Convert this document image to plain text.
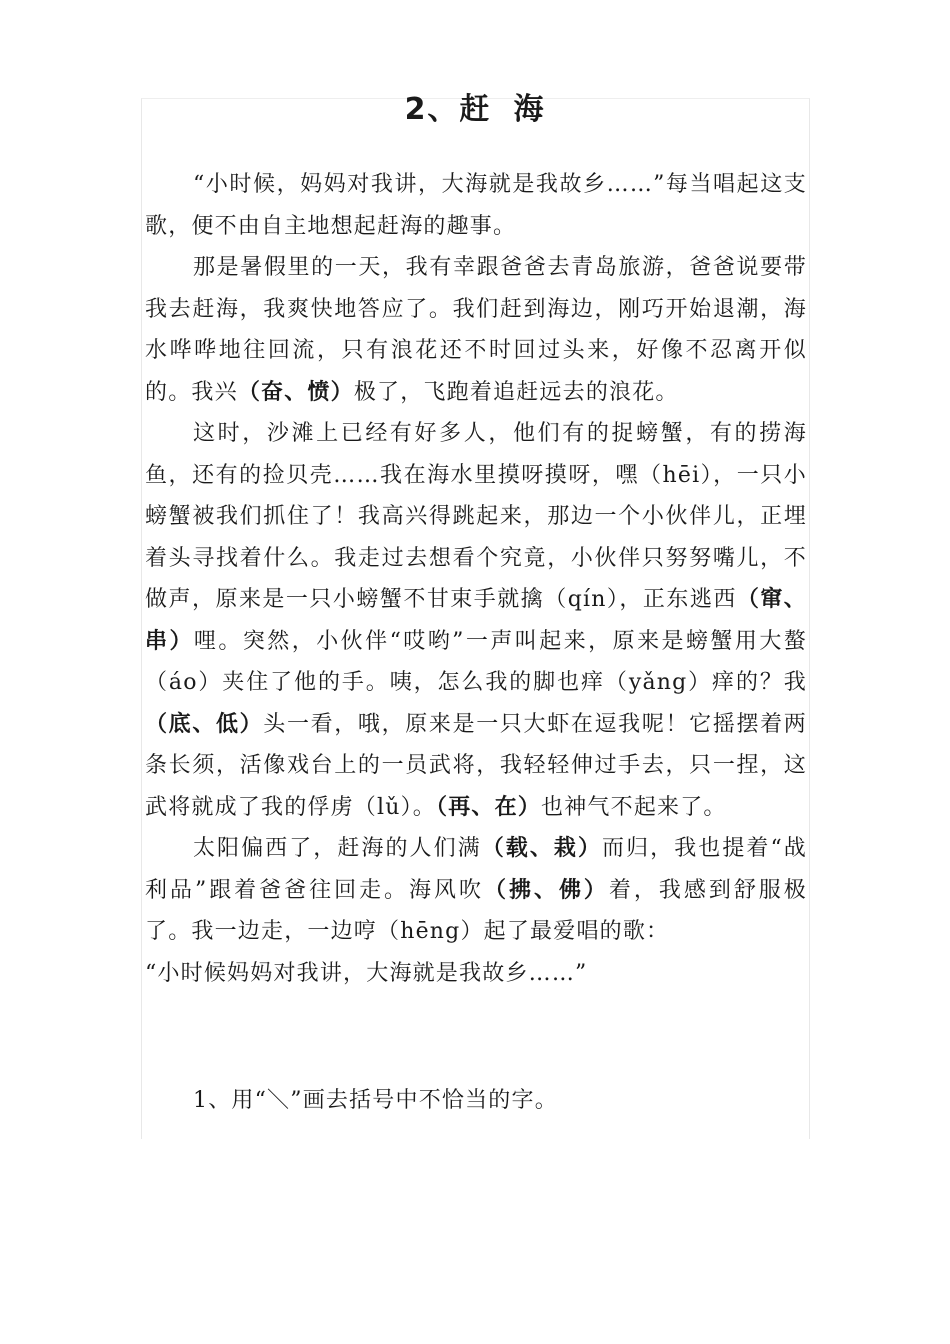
2、赶 海

“小时候，妈妈对我讲，大海就是我故乡……”每当唱起这支歌，便不由自主地想起赶海的趣事。

那是暑假里的一天，我有幸跟爸爸去青岛旅游，爸爸说要带我去赶海，我爽快地答应了。我们赶到海边，刚巧开始退潮，海水哗哗地往回流，只有浪花还不时回过头来，好像不忍离开似的。我兴（奋、愤）极了，飞跑着追赶远去的浪花。

这时，沙滩上已经有好多人，他们有的捉螃蟹，有的捞海鱼，还有的捡贝壳……我在海水里摸呀摸呀，嘿（hēi），一只小螃蟹被我们抓住了！我高兴得跳起来，那边一个小伙伴儿，正埋着头寻找着什么。我走过去想看个究竟，小伙伴只努努嘴儿，不做声，原来是一只小螃蟹不甘束手就擒（qín），正东逃西（窜、串）哩。突然，小伙伴“哎哟”一声叫起来，原来是螃蟹用大螯（áo）夹住了他的手。咦，怎么我的脚也痒（yǎng）痒的？我（底、低）头一看，哦，原来是一只大虾在逗我呢！它摇摆着两条长须，活像戏台上的一员武将，我轻轻伸过手去，只一捏，这武将就成了我的俘虏（lǔ）。（再、在）也神气不起来了。

太阳偏西了，赶海的人们满（载、栽）而归，我也提着“战利品”跟着爸爸往回走。海风吹（拂、佛）着，我感到舒服极了。我一边走，一边哼（hēng）起了最爱唱的歌：

“小时候妈妈对我讲，大海就是我故乡……”

1、用“＼”画去括号中不恰当的字。
